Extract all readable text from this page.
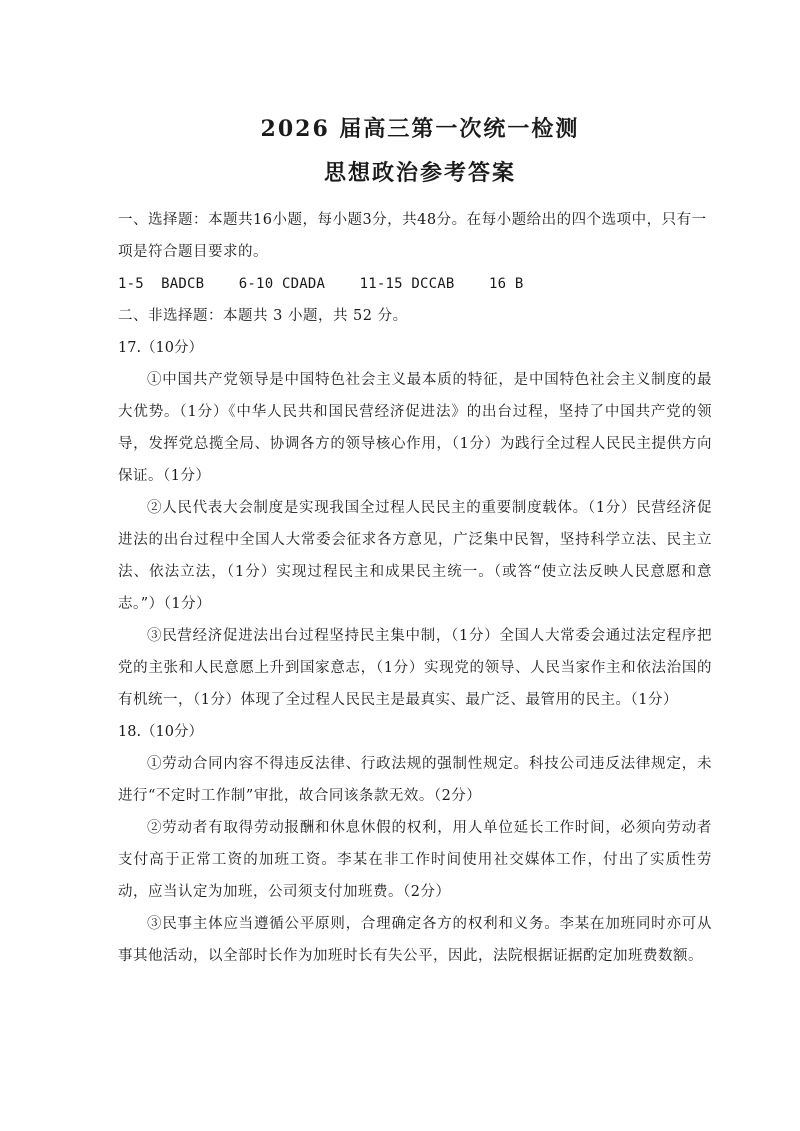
2026 届高三第一次统一检测
思想政治参考答案

一、选择题：本题共16小题，每小题3分，共48分。在每小题给出的四个选项中，只有一项是符合题目要求的。

1-5  BADCB    6-10 CDADA    11-15 DCCAB    16 B

二、非选择题：本题共 3 小题，共 52 分。

17.（10分）

①中国共产党领导是中国特色社会主义最本质的特征，是中国特色社会主义制度的最大优势。（1分）《中华人民共和国民营经济促进法》的出台过程，坚持了中国共产党的领导，发挥党总揽全局、协调各方的领导核心作用，（1分）为践行全过程人民民主提供方向保证。（1分）

②人民代表大会制度是实现我国全过程人民民主的重要制度载体。（1分）民营经济促进法的出台过程中全国人大常委会征求各方意见，广泛集中民智，坚持科学立法、民主立法、依法立法，（1分）实现过程民主和成果民主统一。（或答“使立法反映人民意愿和意志。”）（1分）

③民营经济促进法出台过程坚持民主集中制，（1分）全国人大常委会通过法定程序把党的主张和人民意愿上升到国家意志，（1分）实现党的领导、人民当家作主和依法治国的有机统一，（1分）体现了全过程人民民主是最真实、最广泛、最管用的民主。（1分）

18.（10分）

①劳动合同内容不得违反法律、行政法规的强制性规定。科技公司违反法律规定，未进行“不定时工作制”审批，故合同该条款无效。（2分）

②劳动者有取得劳动报酬和休息休假的权利，用人单位延长工作时间，必须向劳动者支付高于正常工资的加班工资。李某在非工作时间使用社交媒体工作，付出了实质性劳动，应当认定为加班，公司须支付加班费。（2分）

③民事主体应当遵循公平原则，合理确定各方的权利和义务。李某在加班同时亦可从事其他活动，以全部时长作为加班时长有失公平，因此，法院根据证据酌定加班费数额。
